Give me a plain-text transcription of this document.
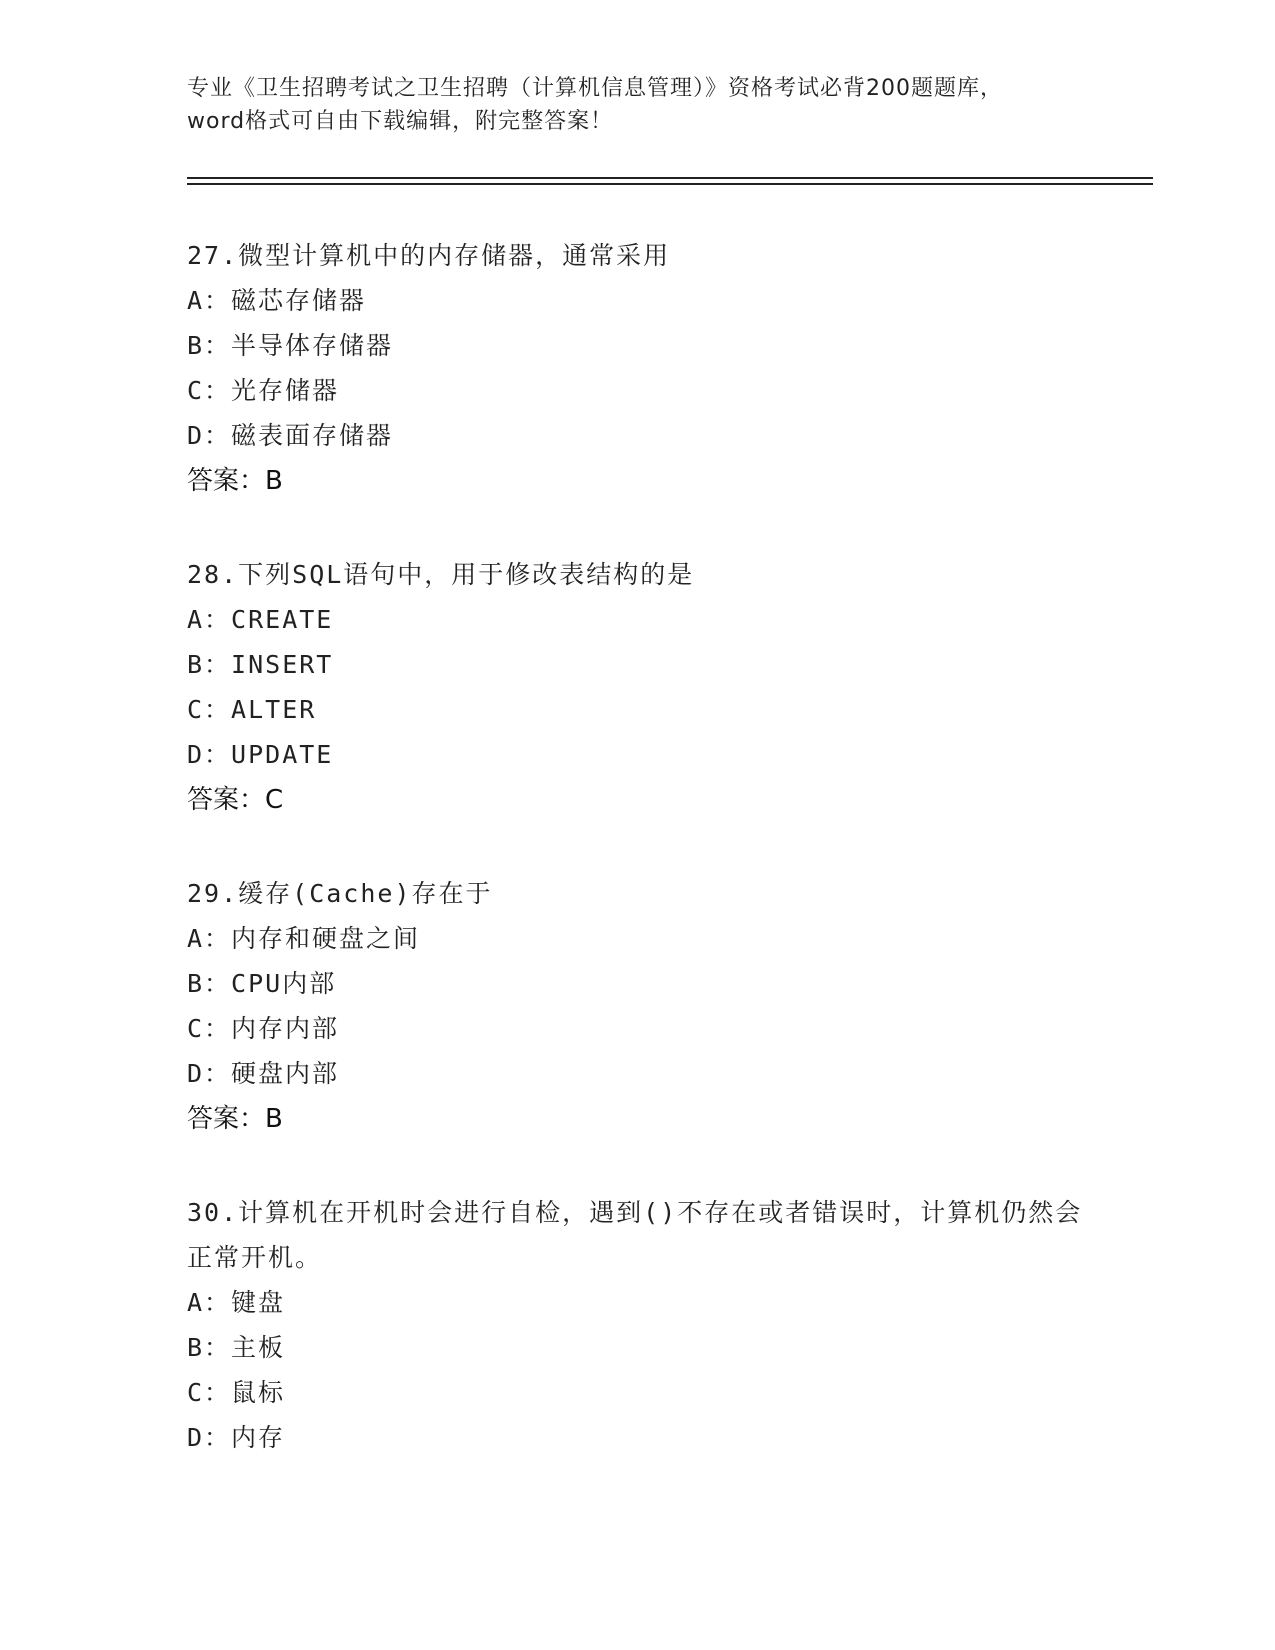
专业《卫生招聘考试之卫生招聘（计算机信息管理）》资格考试必背200题题库，
word格式可自由下载编辑，附完整答案！
27.微型计算机中的内存储器，通常采用
A：磁芯存储器
B：半导体存储器
C：光存储器
D：磁表面存储器
答案：B
28.下列SQL语句中，用于修改表结构的是
A：CREATE
B：INSERT
C：ALTER
D：UPDATE
答案：C
29.缓存(Cache)存在于
A：内存和硬盘之间
B：CPU内部
C：内存内部
D：硬盘内部
答案：B
30.计算机在开机时会进行自检，遇到()不存在或者错误时，计算机仍然会正常开机。
A：键盘
B：主板
C：鼠标
D：内存
